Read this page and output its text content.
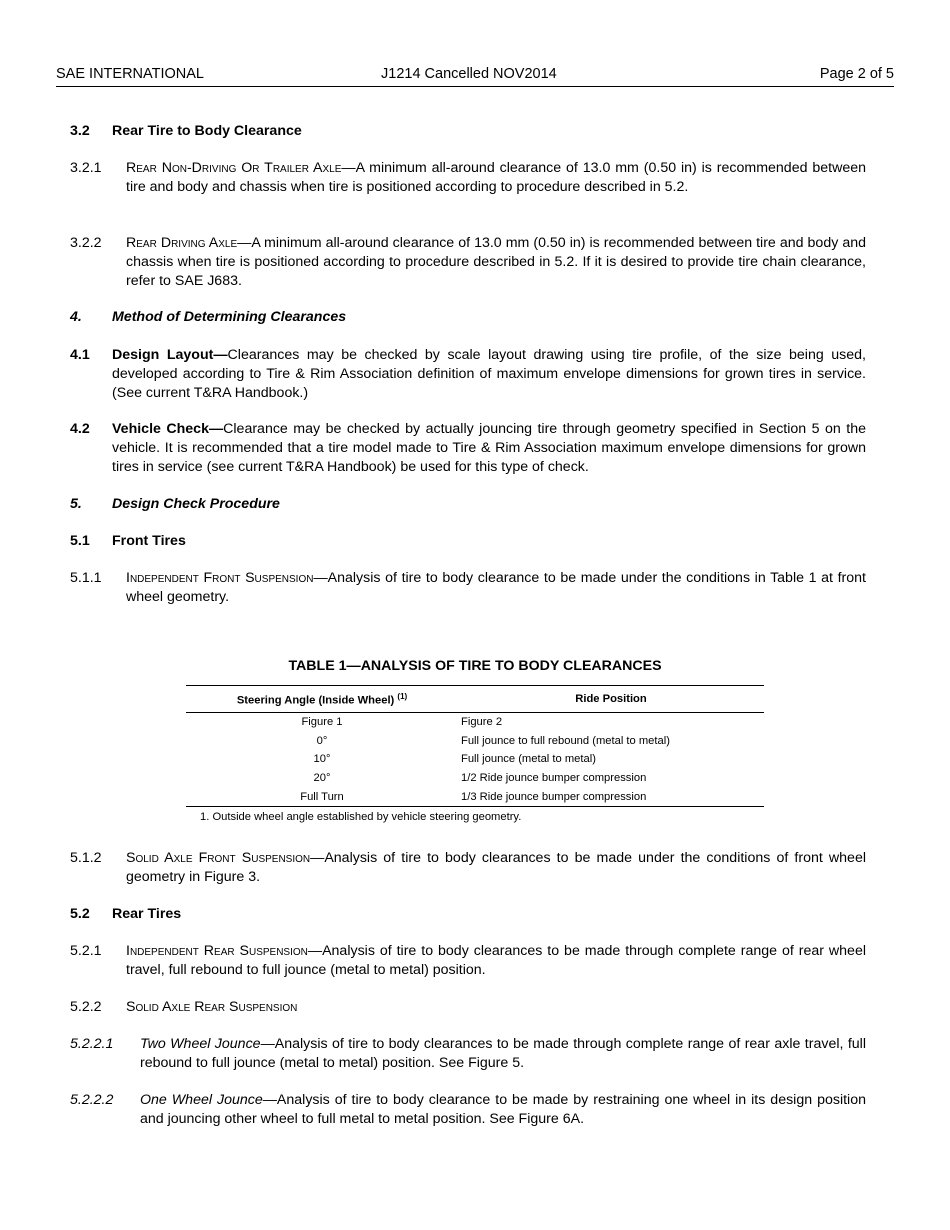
SAE INTERNATIONAL	J1214 Cancelled NOV2014	Page 2 of 5
3.2 Rear Tire to Body Clearance
3.2.1 Rear Non-Driving Or Trailer Axle—A minimum all-around clearance of 13.0 mm (0.50 in) is recommended between tire and body and chassis when tire is positioned according to procedure described in 5.2.
3.2.2 Rear Driving Axle—A minimum all-around clearance of 13.0 mm (0.50 in) is recommended between tire and body and chassis when tire is positioned according to procedure described in 5.2. If it is desired to provide tire chain clearance, refer to SAE J683.
4. Method of Determining Clearances
4.1 Design Layout—Clearances may be checked by scale layout drawing using tire profile, of the size being used, developed according to Tire & Rim Association definition of maximum envelope dimensions for grown tires in service. (See current T&RA Handbook.)
4.2 Vehicle Check—Clearance may be checked by actually jouncing tire through geometry specified in Section 5 on the vehicle. It is recommended that a tire model made to Tire & Rim Association maximum envelope dimensions for grown tires in service (see current T&RA Handbook) be used for this type of check.
5. Design Check Procedure
5.1 Front Tires
5.1.1 Independent Front Suspension—Analysis of tire to body clearance to be made under the conditions in Table 1 at front wheel geometry.
TABLE 1—ANALYSIS OF TIRE TO BODY CLEARANCES
Steering Angle (Inside Wheel) $^{(1)}$	Ride Position
Figure 1	Figure 2
0°	Full jounce to full rebound (metal to metal)
10°	Full jounce (metal to metal)
20°	1/2 Ride jounce bumper compression
Full Turn	1/3 Ride jounce bumper compression
1. Outside wheel angle established by vehicle steering geometry.
5.1.2 Solid Axle Front Suspension—Analysis of tire to body clearances to be made under the conditions of front wheel geometry in Figure 3.
5.2 Rear Tires
5.2.1 Independent Rear Suspension—Analysis of tire to body clearances to be made through complete range of rear wheel travel, full rebound to full jounce (metal to metal) position.
5.2.2 Solid Axle Rear Suspension
5.2.2.1 Two Wheel Jounce—Analysis of tire to body clearances to be made through complete range of rear axle travel, full rebound to full jounce (metal to metal) position. See Figure 5.
5.2.2.2 One Wheel Jounce—Analysis of tire to body clearance to be made by restraining one wheel in its design position and jouncing other wheel to full metal to metal position. See Figure 6A.
